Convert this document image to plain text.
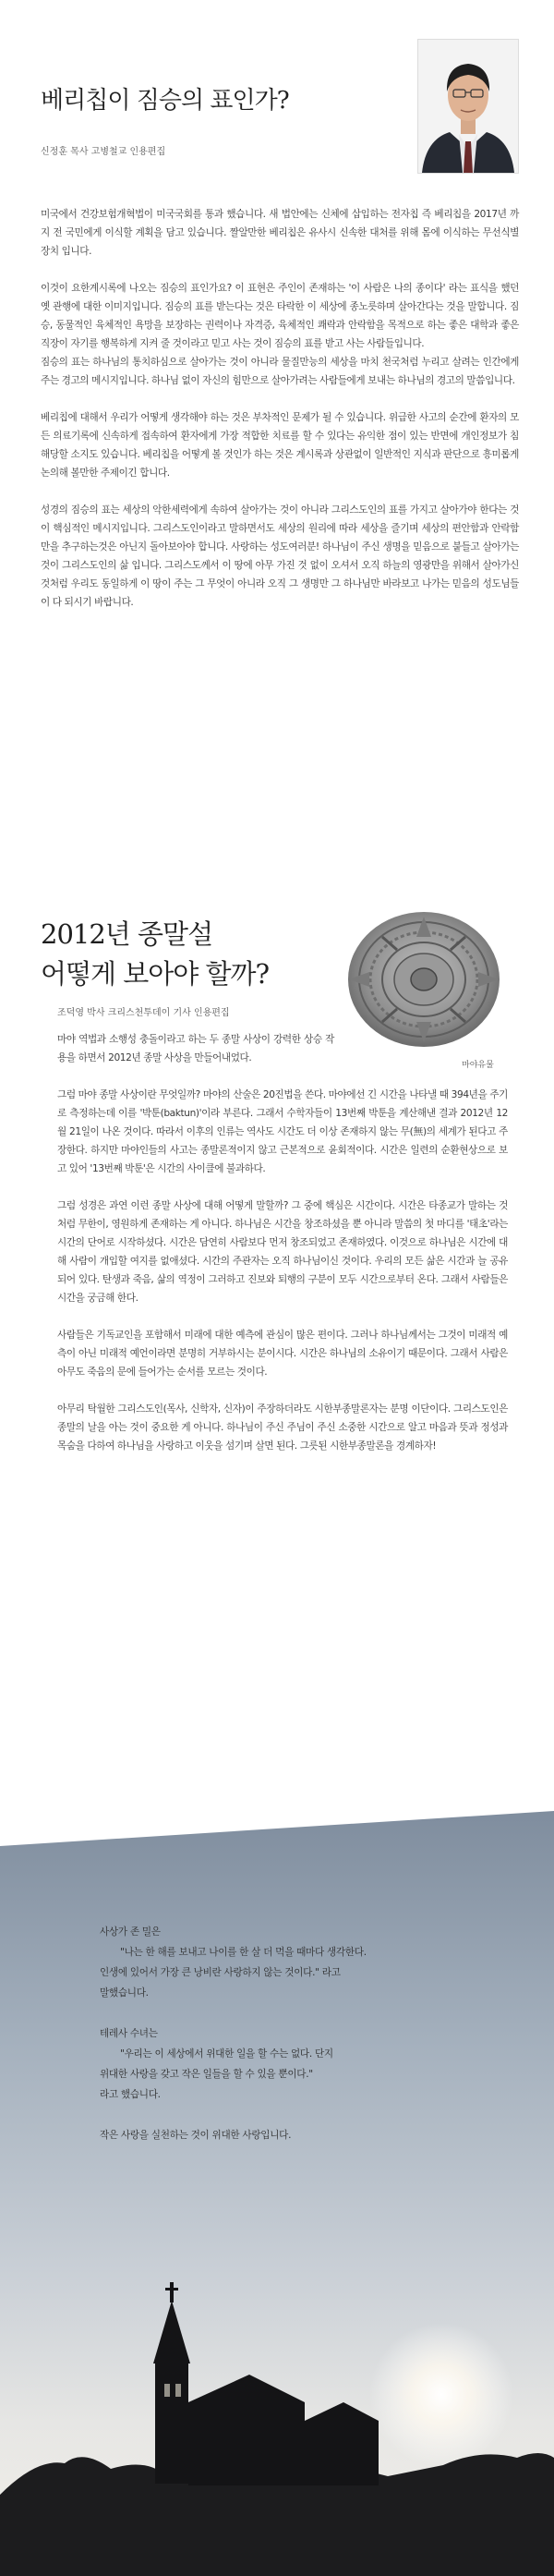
베리칩이 짐승의 표인가?
신정훈 목사 고병철교 인용편집

미국에서 건강보험개혁법이 미국국회를 통과 했습니다. 새 법안에는 신체에 삽입하는 전자칩 즉 베리칩을 2017년 까지 전 국민에게 이식할 계획을 담고 있습니다. 짤알만한 베리칩은 유사시 신속한 대처를 위해 몸에 이식하는 무선식별장치 입니다.

이것이 요한계시록에 나오는 짐승의 표인가요? 이 표현은 주인이 존재하는 '이 사람은 나의 종이다' 라는 표식을 했던 옛 관행에 대한 이미지입니다. 짐승의 표를 받는다는 것은 타락한 이 세상에 종노릇하며 살아간다는 것을 말합니다. 짐승, 동물적인 육체적인 욕망을 보장하는 권력이나 자격증, 육체적인 쾌락과 안락함을 목적으로 하는 좋은 대학과 좋은 직장이 자기를 행복하게 지켜 줄 것이라고 믿고 사는 것이 짐승의 표를 받고 사는 사람들입니다.

짐승의 표는 하나님의 통치하심으로 살아가는 것이 아니라 물질만능의 세상을 마치 천국처럼 누리고 살려는 인간에게 주는 경고의 메시지입니다. 하나님 없이 자신의 힘만으로 살아가려는 사람들에게 보내는 하나님의 경고의 말씀입니다.

베리칩에 대해서 우리가 어떻게 생각해야 하는 것은 부차적인 문제가 될 수 있습니다. 위급한 사고의 순간에 환자의 모든 의료기록에 신속하게 접속하여 환자에게 가장 적합한 치료를 할 수 있다는 유익한 점이 있는 반면에 개인정보가 침해당할 소지도 있습니다. 베리칩을 어떻게 볼 것인가 하는 것은 계시록과 상관없이 일반적인 지식과 판단으로 흥미롭게 논의해 볼만한 주제이긴 합니다.

성경의 짐승의 표는 세상의 악한세력에게 속하여 살아가는 것이 아니라 그리스도인의 표를 가지고 살아가야 한다는 것이 핵심적인 메시지입니다. 그리스도인이라고 말하면서도 세상의 원리에 따라 세상을 즐기며 세상의 편안함과 안락함만을 추구하는것은 아닌지 돌아보아야 합니다. 사랑하는 성도여러분! 하나님이 주신 생명을 믿음으로 붙들고 살아가는 것이 그리스도인의 삶 입니다. 그리스도께서 이 땅에 아무 가진 것 없이 오셔서 오직 하늘의 영광만을 위해서 살아가신 것처럼 우리도 동일하게 이 땅이 주는 그 무엇이 아니라 오직 그 생명만 그 하나님만 바라보고 나가는 믿음의 성도님들이 다 되시기 바랍니다.

2012년 종말설
어떻게 보아야 할까?
마야유물
조덕영 박사 크리스천투데이 기사 인용편집

마야 역법과 소행성 충돌이라고 하는 두 종말 사상이 강력한 상승 작용을 하면서 2012년 종말 사상을 만들어내었다.

그럼 마야 종말 사상이란 무엇일까? 마야의 산술은 20진법을 쓴다. 마야에선 긴 시간을 나타낼 때 394년을 주기로 측정하는데 이를 '박툰(baktun)'이라 부른다. 그래서 수학자들이 13번째 박툰을 계산해낸 결과 2012년 12월 21일이 나온 것이다. 따라서 이후의 인류는 역사도 시간도 더 이상 존재하지 않는 무(無)의 세계가 된다고 주장한다. 하지만 마야인들의 사고는 종말론적이지 않고 근본적으로 윤회적이다. 시간은 일련의 순환현상으로 보고 있어 '13번째 박툰'은 시간의 사이클에 불과하다.

그럼 성경은 과연 이런 종말 사상에 대해 어떻게 말할까? 그 중에 핵심은 시간이다. 시간은 타종교가 말하는 것처럼 무한이, 영원하게 존재하는 게 아니다. 하나님은 시간을 창조하셨을 뿐 아니라 말씀의 첫 마디를 '태초'라는 시간의 단어로 시작하셨다. 시간은 담연히 사람보다 먼저 창조되었고 존재하였다. 이것으로 하나님은 시간에 대해 사람이 개입할 여지를 없애셨다. 시간의 주관자는 오직 하나님이신 것이다. 우리의 모든 삶은 시간과 늘 공유되어 있다. 탄생과 죽음, 삶의 역정이 그러하고 진보와 퇴행의 구분이 모두 시간으로부터 온다. 그래서 사람들은 시간을 궁금해 한다.

사람들은 기독교인을 포함해서 미래에 대한 예측에 관심이 많은 편이다. 그러나 하나님께서는 그것이 미래적 예측이 아닌 미래적 예언이라면 분명히 거부하시는 분이시다. 시간은 하나님의 소유이기 때문이다. 그래서 사람은 아무도 죽음의 문에 들어가는 순서를 모르는 것이다.

아무리 탁월한 그리스도인(목사, 신학자, 신자)이 주장하더라도 시한부종말론자는 분명 이단이다. 그리스도인은 종말의 날을 아는 것이 중요한 게 아니다. 하나님이 주신 주님이 주신 소중한 시간으로 알고 마음과 뜻과 정성과 목숨을 다하여 하나님을 사랑하고 이웃을 섬기며 살면 된다. 그릇된 시한부종말론을 경계하자!

사상가 존 밀은

"나는 한 해를 보내고 나이를 한 살 더 먹을 때마다 생각한다.

인생에 있어서 가장 큰 낭비란 사랑하지 않는 것이다." 라고

말했습니다.

테레사 수녀는

"우리는 이 세상에서 위대한 일을 할 수는 없다. 단지

위대한 사랑을 갖고 작은 일들을 할 수 있을 뿐이다."

라고 했습니다.

작은 사랑을 실천하는 것이 위대한 사랑입니다.
